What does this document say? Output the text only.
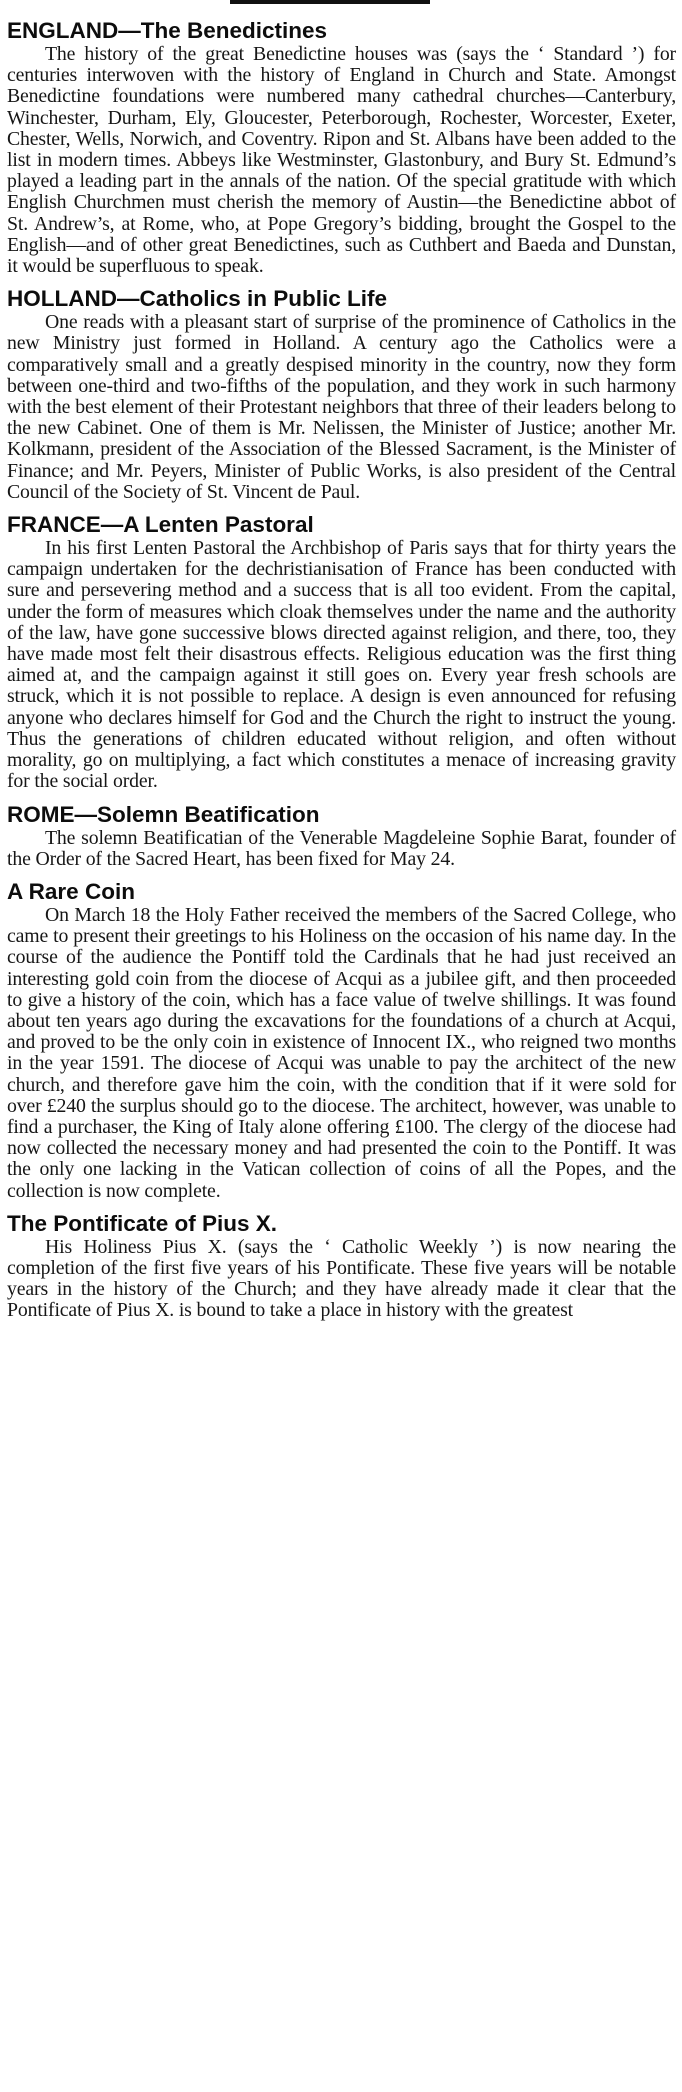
ENGLAND—The Benedictines

The history of the great Benedictine houses was (says the ‘ Standard ’) for centuries interwoven with the history of England in Church and State. Amongst Benedictine foundations were numbered many cathedral churches—Canterbury, Winchester, Durham, Ely, Gloucester, Peterborough, Rochester, Worcester, Exeter, Chester, Wells, Norwich, and Coventry. Ripon and St. Albans have been added to the list in modern times. Abbeys like Westminster, Glastonbury, and Bury St. Edmund’s played a leading part in the annals of the nation. Of the special gratitude with which English Churchmen must cherish the memory of Austin—the Benedictine abbot of St. Andrew’s, at Rome, who, at Pope Gregory’s bidding, brought the Gospel to the English—and of other great Benedictines, such as Cuthbert and Baeda and Dunstan, it would be superfluous to speak.

HOLLAND—Catholics in Public Life

One reads with a pleasant start of surprise of the prominence of Catholics in the new Ministry just formed in Holland. A century ago the Catholics were a comparatively small and a greatly despised minority in the country, now they form between one-third and two-fifths of the population, and they work in such harmony with the best element of their Protestant neighbors that three of their leaders belong to the new Cabinet. One of them is Mr. Nelissen, the Minister of Justice; another Mr. Kolkmann, president of the Association of the Blessed Sacrament, is the Minister of Finance; and Mr. Peyers, Minister of Public Works, is also president of the Central Council of the Society of St. Vincent de Paul.

FRANCE—A Lenten Pastoral

In his first Lenten Pastoral the Archbishop of Paris says that for thirty years the campaign undertaken for the dechristianisation of France has been conducted with sure and persevering method and a success that is all too evident. From the capital, under the form of measures which cloak themselves under the name and the authority of the law, have gone successive blows directed against religion, and there, too, they have made most felt their disastrous effects. Religious education was the first thing aimed at, and the campaign against it still goes on. Every year fresh schools are struck, which it is not possible to replace. A design is even announced for refusing anyone who declares himself for God and the Church the right to instruct the young. Thus the generations of children educated without religion, and often without morality, go on multiplying, a fact which constitutes a menace of increasing gravity for the social order.

ROME—Solemn Beatification

The solemn Beatificatian of the Venerable Magdeleine Sophie Barat, founder of the Order of the Sacred Heart, has been fixed for May 24.

A Rare Coin

On March 18 the Holy Father received the members of the Sacred College, who came to present their greetings to his Holiness on the occasion of his name day. In the course of the audience the Pontiff told the Cardinals that he had just received an interesting gold coin from the diocese of Acqui as a jubilee gift, and then proceeded to give a history of the coin, which has a face value of twelve shillings. It was found about ten years ago during the excavations for the foundations of a church at Acqui, and proved to be the only coin in existence of Innocent IX., who reigned two months in the year 1591. The diocese of Acqui was unable to pay the architect of the new church, and therefore gave him the coin, with the condition that if it were sold for over £240 the surplus should go to the diocese. The architect, however, was unable to find a purchaser, the King of Italy alone offering £100. The clergy of the diocese had now collected the necessary money and had presented the coin to the Pontiff. It was the only one lacking in the Vatican collection of coins of all the Popes, and the collection is now complete.

The Pontificate of Pius X.

His Holiness Pius X. (says the ‘ Catholic Weekly ’) is now nearing the completion of the first five years of his Pontificate. These five years will be notable years in the history of the Church; and they have already made it clear that the Pontificate of Pius X. is bound to take a place in history with the greatest
